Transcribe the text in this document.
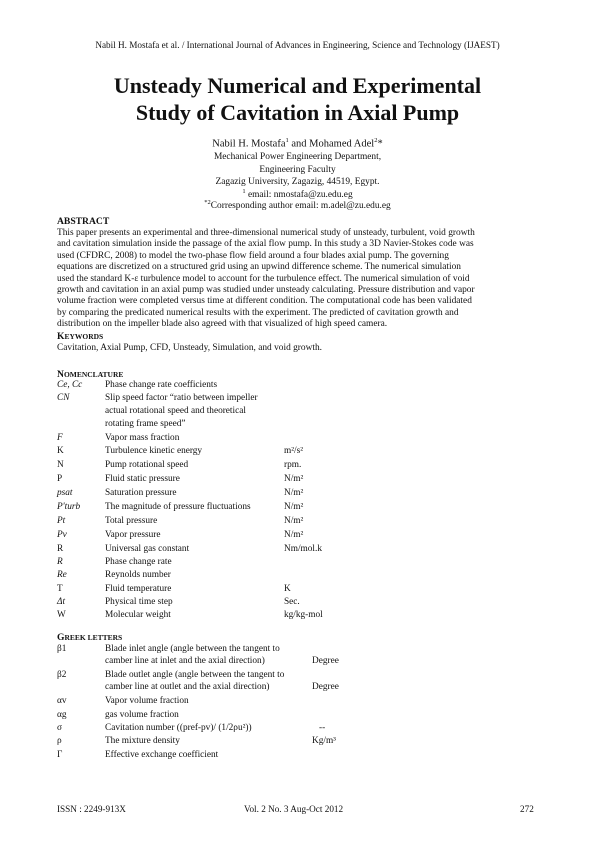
Nabil H. Mostafa et al. / International Journal of Advances in Engineering, Science and Technology (IJAEST)
Unsteady Numerical and Experimental
Study of Cavitation in Axial Pump
Nabil H. Mostafa$^1$ and Mohamed Adel$^2$*
Mechanical Power Engineering Department,
Engineering Faculty
Zagazig University, Zagazig, 44519, Egypt.
$^1$ email: nmostafa@zu.edu.eg
$^{*2}$Corresponding author email: m.adel@zu.edu.eg
ABSTRACT
This paper presents an experimental and three-dimensional numerical study of unsteady, turbulent, void growth
and cavitation simulation inside the passage of the axial flow pump. In this study a 3D Navier-Stokes code was
used (CFDRC, 2008) to model the two-phase flow field around a four blades axial pump. The governing
equations are discretized on a structured grid using an upwind difference scheme. The numerical simulation
used the standard K-ε turbulence model to account for the turbulence effect. The numerical simulation of void
growth and cavitation in an axial pump was studied under unsteady calculating. Pressure distribution and vapor
volume fraction were completed versus time at different condition. The computational code has been validated
by comparing the predicated numerical results with the experiment. The predicted of cavitation growth and
distribution on the impeller blade also agreed with that visualized of high speed camera.
KEYWORDS
Cavitation, Axial Pump, CFD, Unsteady, Simulation, and void growth.
NOMENCLATURE
Ce, Cc	Phase change rate coefficients
CN	Slip speed factor “ratio between impeller
actual rotational speed and theoretical
rotating frame speed”
F	Vapor mass fraction
K	Turbulence kinetic energy	m²/s²
N	Pump rotational speed	rpm.
P	Fluid static pressure	N/m²
psat	Saturation pressure	N/m²
P'turb	The magnitude of pressure fluctuations	N/m²
Pt	Total pressure	N/m²
Pv	Vapor pressure	N/m²
R	Universal gas constant	Nm/mol.k
R	Phase change rate
Re	Reynolds number
T	Fluid temperature	K
Δt	Physical time step	Sec.
W	Molecular weight	kg/kg-mol
GREEK LETTERS
β1	Blade inlet angle (angle between the tangent to
camber line at inlet and the axial direction)	Degree
β2	Blade outlet angle (angle between the tangent to
camber line at outlet and the axial direction)	Degree
αv	Vapor volume fraction
αg	gas volume fraction
σ	Cavitation number ((pref-pv)/ (1/2ρu²))	--
ρ	The mixture density	Kg/m³
Γ	Effective exchange coefficient
ISSN : 2249-913X	Vol. 2 No. 3 Aug-Oct 2012	272
